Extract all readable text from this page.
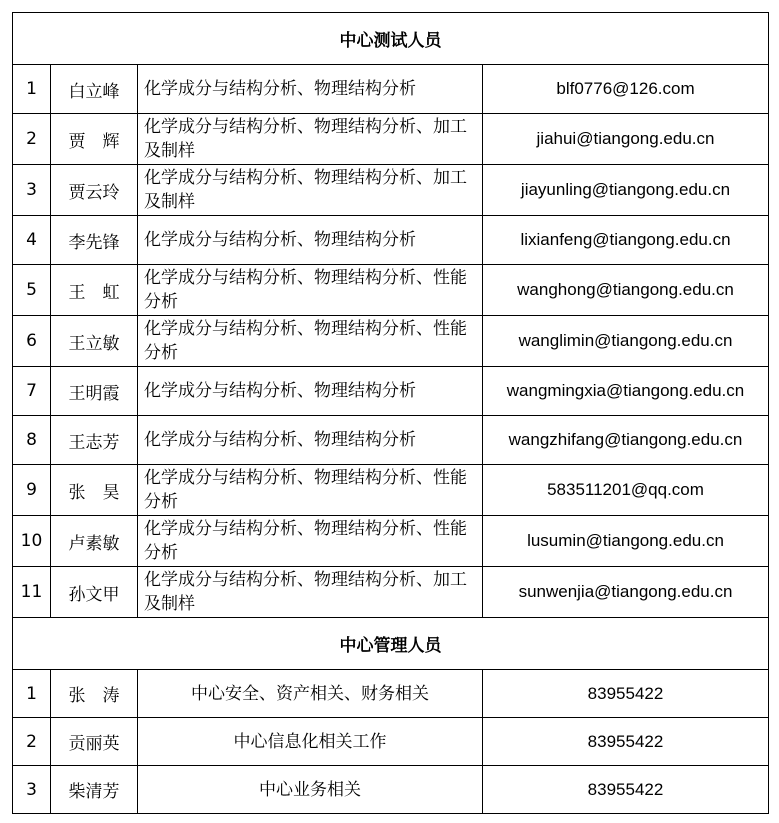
中心测试人员			
1	白立峰	化学成分与结构分析、物理结构分析	blf0776@126.com
2	贾　辉	化学成分与结构分析、物理结构分析、加工及制样	jiahui@tiangong.edu.cn
3	贾云玲	化学成分与结构分析、物理结构分析、加工及制样	jiayunling@tiangong.edu.cn
4	李先锋	化学成分与结构分析、物理结构分析	lixianfeng@tiangong.edu.cn
5	王　虹	化学成分与结构分析、物理结构分析、性能分析	wanghong@tiangong.edu.cn
6	王立敏	化学成分与结构分析、物理结构分析、性能分析	wanglimin@tiangong.edu.cn
7	王明霞	化学成分与结构分析、物理结构分析	wangmingxia@tiangong.edu.cn
8	王志芳	化学成分与结构分析、物理结构分析	wangzhifang@tiangong.edu.cn
9	张　昊	化学成分与结构分析、物理结构分析、性能分析	583511201@qq.com
10	卢素敏	化学成分与结构分析、物理结构分析、性能分析	lusumin@tiangong.edu.cn
11	孙文甲	化学成分与结构分析、物理结构分析、加工及制样	sunwenjia@tiangong.edu.cn
中心管理人员			
1	张　涛	中心安全、资产相关、财务相关	83955422
2	贡丽英	中心信息化相关工作	83955422
3	柴清芳	中心业务相关	83955422
